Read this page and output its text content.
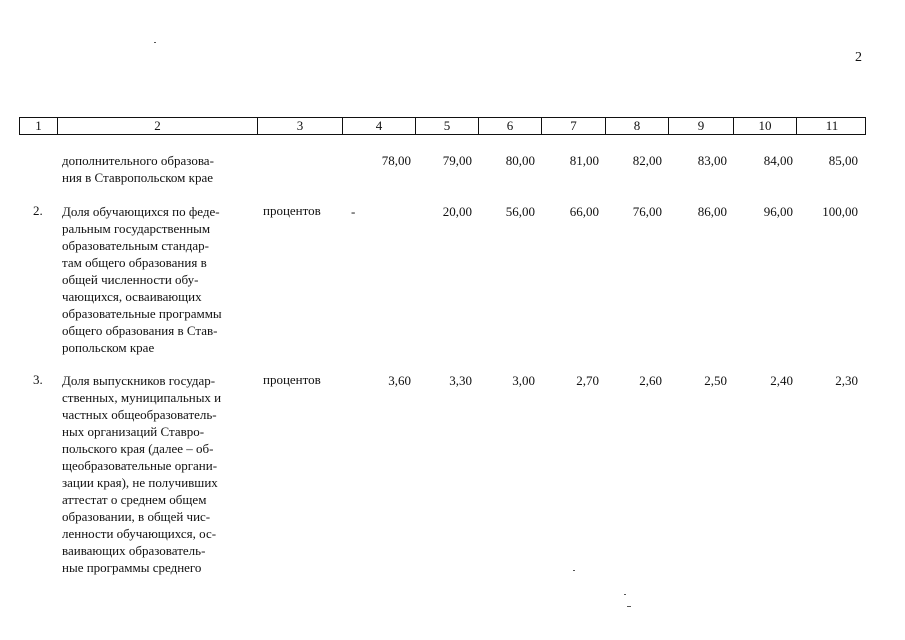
2
1	2	3	4	5	6	7	8	9	10	11
дополнительного образова-
ния в Ставропольском крае
78,00	79,00	80,00	81,00	82,00	83,00	84,00	85,00
2. Доля обучающихся по феде-
ральным государственным
образовательным стандар-
там общего образования в
общей численности обу-
чающихся, осваивающих
образовательные программы
общего образования в Став-
ропольском крае
процентов -	20,00	56,00	66,00	76,00	86,00	96,00	100,00
3. Доля выпускников государ-
ственных, муниципальных и
частных общеобразователь-
ных организаций Ставро-
польского края (далее – об-
щеобразовательные органи-
зации края), не получивших
аттестат о среднем общем
образовании, в общей чис-
ленности обучающихся, ос-
ваивающих образователь-
ные программы среднего
процентов	3,60	3,30	3,00	2,70	2,60	2,50	2,40	2,30
